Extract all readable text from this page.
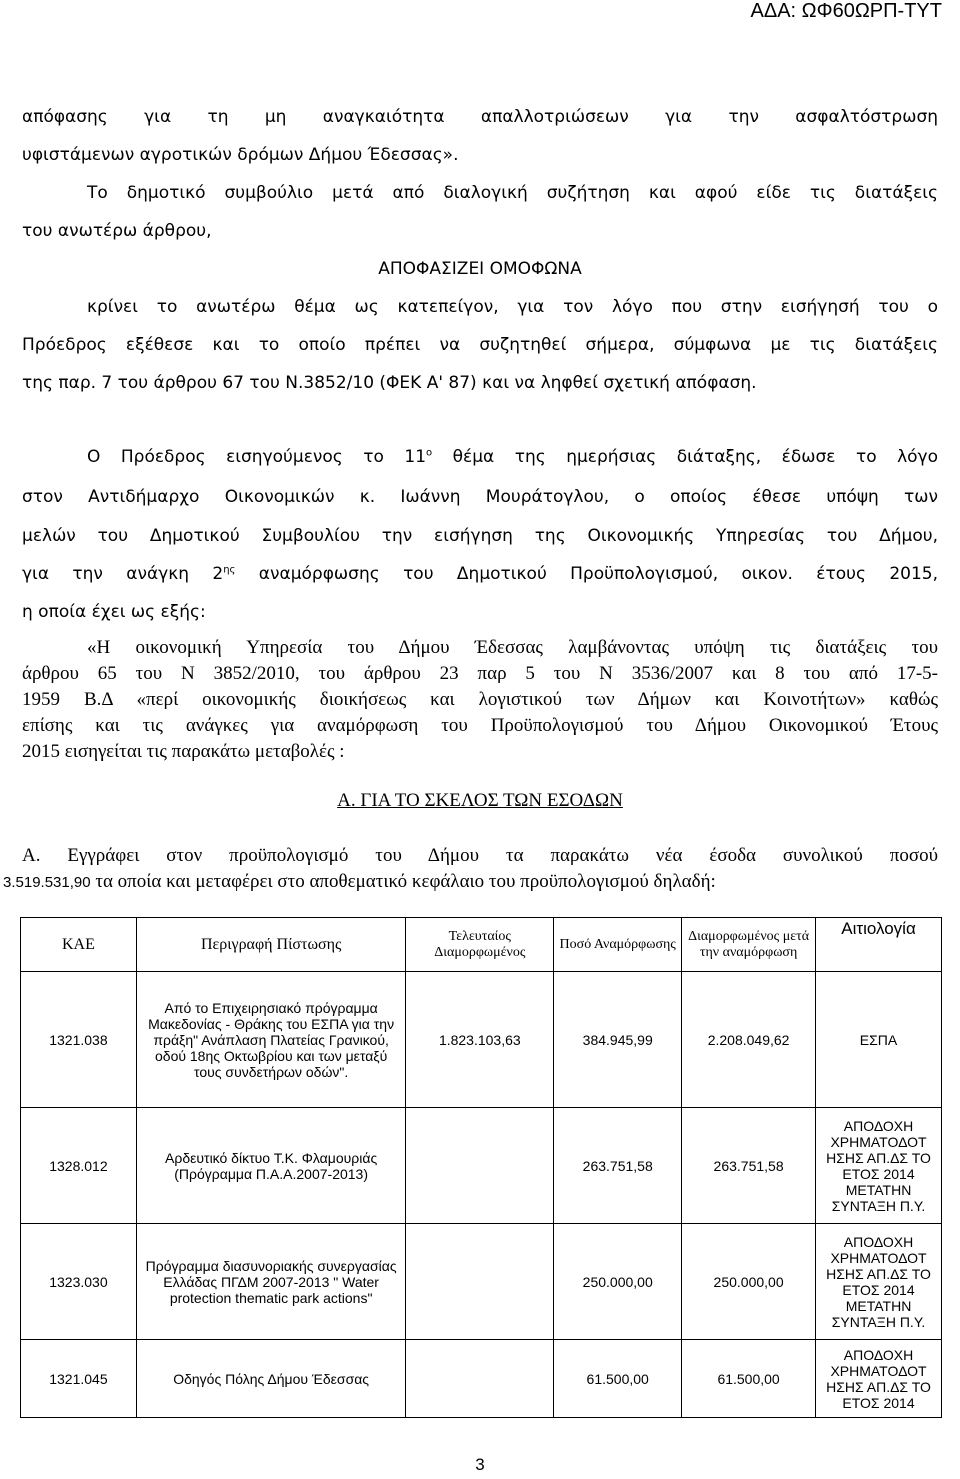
ΑΔΑ: ΩΦ60ΩΡΠ-ΤΥΤ
απόφασης για τη μη αναγκαιότητα απαλλοτριώσεων για την ασφαλτόστρωση
υφιστάμενων αγροτικών δρόμων Δήμου Έδεσσας».
Το δημοτικό συμβούλιο μετά από διαλογική συζήτηση και αφού είδε τις διατάξεις
του ανωτέρω άρθρου,
ΑΠΟΦΑΣΙΖΕΙ ΟΜΟΦΩΝΑ
κρίνει το ανωτέρω θέμα ως κατεπείγον, για τον λόγο που στην εισήγησή του ο
Πρόεδρος εξέθεσε και το οποίο πρέπει να συζητηθεί σήμερα, σύμφωνα με τις διατάξεις
της παρ. 7 του άρθρου 67 του Ν.3852/10 (ΦΕΚ Α' 87) και να ληφθεί σχετική απόφαση.
Ο Πρόεδρος εισηγούμενος το $11^o$ θέμα της ημερήσιας διάταξης, έδωσε το λόγο
στον Αντιδήμαρχο Οικονομικών κ. Ιωάννη Μουράτογλου, ο οποίος έθεσε υπόψη των
μελών του Δημοτικού Συμβουλίου την εισήγηση της Οικονομικής Υπηρεσίας του Δήμου,
για την ανάγκη $2^{\eta\varsigma}$ αναμόρφωσης του Δημοτικού Προϋπολογισμού, οικον. έτους 2015,
η οποία έχει ως εξής:
«Η οικονομική Υπηρεσία του Δήμου Έδεσσας λαμβάνοντας υπόψη τις διατάξεις του
άρθρου 65 του Ν 3852/2010, του άρθρου 23 παρ 5 του Ν 3536/2007 και 8 του από 17-5-
1959 Β.Δ «περί οικονομικής διοικήσεως και λογιστικού των Δήμων και Κοινοτήτων» καθώς
επίσης και τις ανάγκες για αναμόρφωση του Προϋπολογισμού του Δήμου Οικονομικού Έτους
2015 εισηγείται τις παρακάτω μεταβολές :
Α. ΓΙΑ ΤΟ ΣΚΕΛΟΣ ΤΩΝ ΕΣΟΔΩΝ
Α. Εγγράφει στον προϋπολογισμό του Δήμου τα παρακάτω νέα έσοδα συνολικού ποσού
3.519.531,90 τα οποία και μεταφέρει στο αποθεματικό κεφάλαιο του προϋπολογισμού δηλαδή:
ΚΑΕ	Περιγραφή Πίστωσης	Τελευταίος Διαμορφωμένος	Ποσό Αναμόρφωσης	Διαμορφωμένος μετά την αναμόρφωση	Αιτιολογία
1321.038	Από το Επιχειρησιακό πρόγραμμα Μακεδονίας - Θράκης του ΕΣΠΑ για την πράξη" Ανάπλαση Πλατείας Γρανικού, οδού 18ης Οκτωβρίου και των μεταξύ τους συνδετήρων οδών".	1.823.103,63	384.945,99	2.208.049,62	ΕΣΠΑ
1328.012	Αρδευτικό δίκτυο Τ.Κ. Φλαμουριάς (Πρόγραμμα Π.Α.Α.2007-2013)		263.751,58	263.751,58	ΑΠΟΔΟΧΗ ΧΡΗΜΑΤΟΔΟΤ ΗΣΗΣ ΑΠ.ΔΣ ΤΟ ΕΤΟΣ 2014 ΜΕΤΑΤΗΝ ΣΥΝΤΑΞΗ Π.Υ.
1323.030	Πρόγραμμα διασυνοριακής συνεργασίας Ελλάδας ΠΓΔΜ 2007-2013 " Water protection thematic park actions"		250.000,00	250.000,00	ΑΠΟΔΟΧΗ ΧΡΗΜΑΤΟΔΟΤ ΗΣΗΣ ΑΠ.ΔΣ ΤΟ ΕΤΟΣ 2014 ΜΕΤΑΤΗΝ ΣΥΝΤΑΞΗ Π.Υ.
1321.045	Οδηγός Πόλης Δήμου Έδεσσας		61.500,00	61.500,00	ΑΠΟΔΟΧΗ ΧΡΗΜΑΤΟΔΟΤ ΗΣΗΣ ΑΠ.ΔΣ ΤΟ ΕΤΟΣ 2014
3
